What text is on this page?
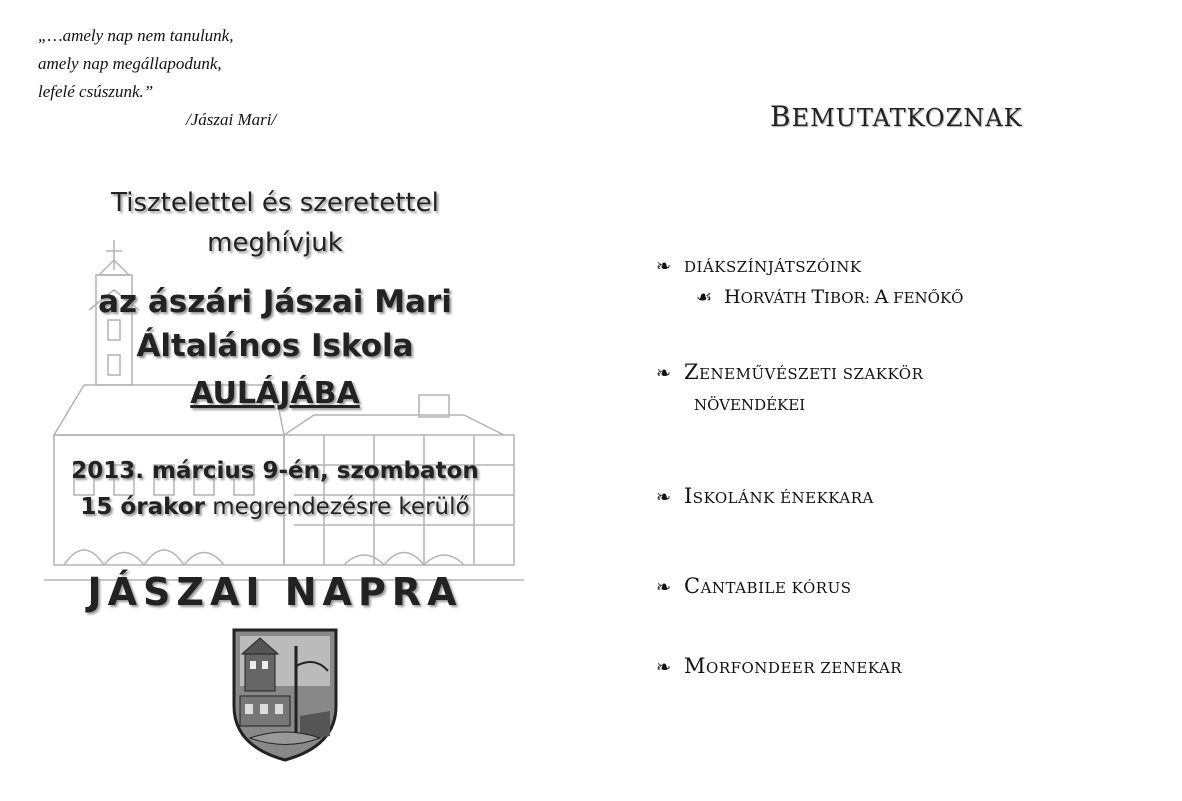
„…amely nap nem tanulunk,
amely nap megállapodunk,
lefelé csúszunk.”
/Jászai Mari/
Tisztelettel és szeretettel
meghívjuk
az ászári Jászai Mari
Általános Iskola
AULÁJÁBA
2013. március 9-én, szombaton
15 órakor megrendezésre kerülő
JÁSZAI NAPRA
BEMUTATKOZNAK
❧ DIÁKSZÍNJÁTSZÓINK
☙ HORVÁTH TIBOR: A FENŐKŐ
❧ ZENEMŰVÉSZETI SZAKKÖR
NÖVENDÉKEI
❧ ISKOLÁNK ÉNEKKARA
❧ CANTABILE KÓRUS
❧ MORFONDEER ZENEKAR
